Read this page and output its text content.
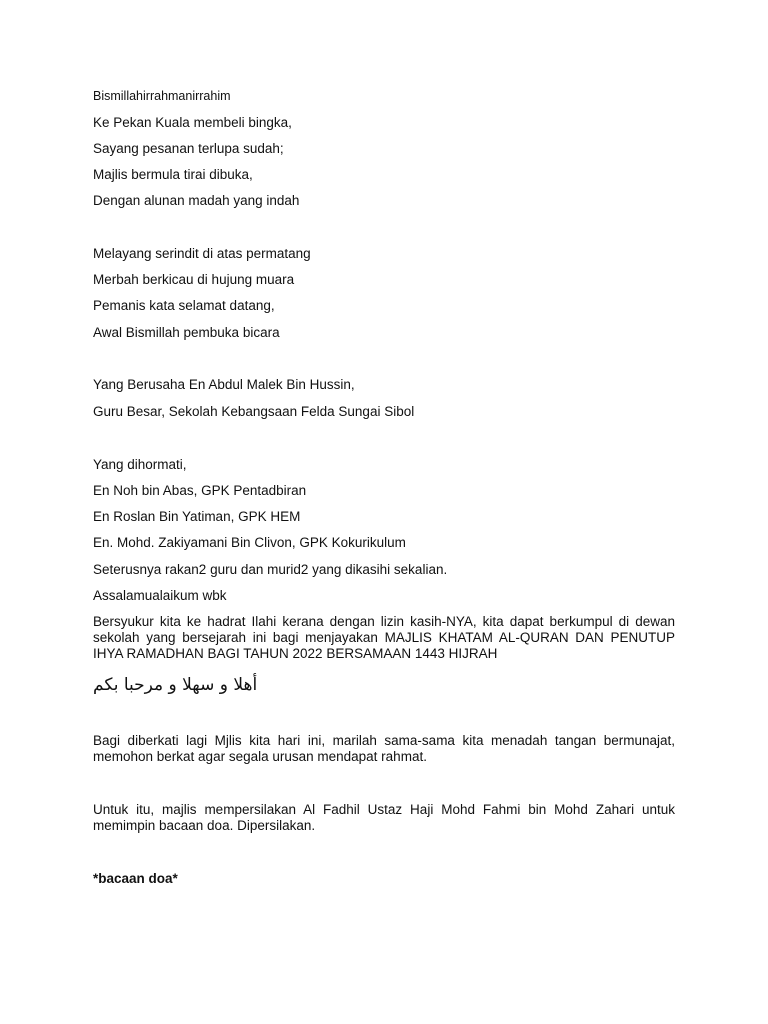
Bismillahirrahmanirrahim

Ke Pekan Kuala membeli bingka,

Sayang pesanan terlupa sudah;

Majlis bermula tirai dibuka,

Dengan alunan madah yang indah

Melayang serindit di atas permatang

Merbah berkicau di hujung muara

Pemanis kata selamat datang,

Awal Bismillah pembuka bicara

Yang Berusaha En Abdul Malek Bin Hussin,

Guru Besar, Sekolah Kebangsaan Felda Sungai Sibol

Yang dihormati,

En Noh bin Abas, GPK Pentadbiran

En Roslan Bin Yatiman, GPK HEM

En. Mohd. Zakiyamani Bin Clivon, GPK Kokurikulum

Seterusnya rakan2 guru dan murid2 yang dikasihi sekalian.

Assalamualaikum wbk

Bersyukur kita ke hadrat Ilahi kerana dengan lizin kasih-NYA, kita dapat berkumpul di dewan sekolah yang bersejarah ini bagi menjayakan MAJLIS KHATAM AL-QURAN DAN PENUTUP IHYA RAMADHAN BAGI TAHUN 2022 BERSAMAAN 1443 HIJRAH

أهلا و سهلا و مرحبا بكم

Bagi diberkati lagi Mjlis kita hari ini, marilah sama-sama kita menadah tangan bermunajat, memohon berkat agar segala urusan mendapat rahmat.

Untuk itu, majlis mempersilakan Al Fadhil Ustaz Haji Mohd Fahmi bin Mohd Zahari untuk memimpin bacaan doa. Dipersilakan.

*bacaan doa*
